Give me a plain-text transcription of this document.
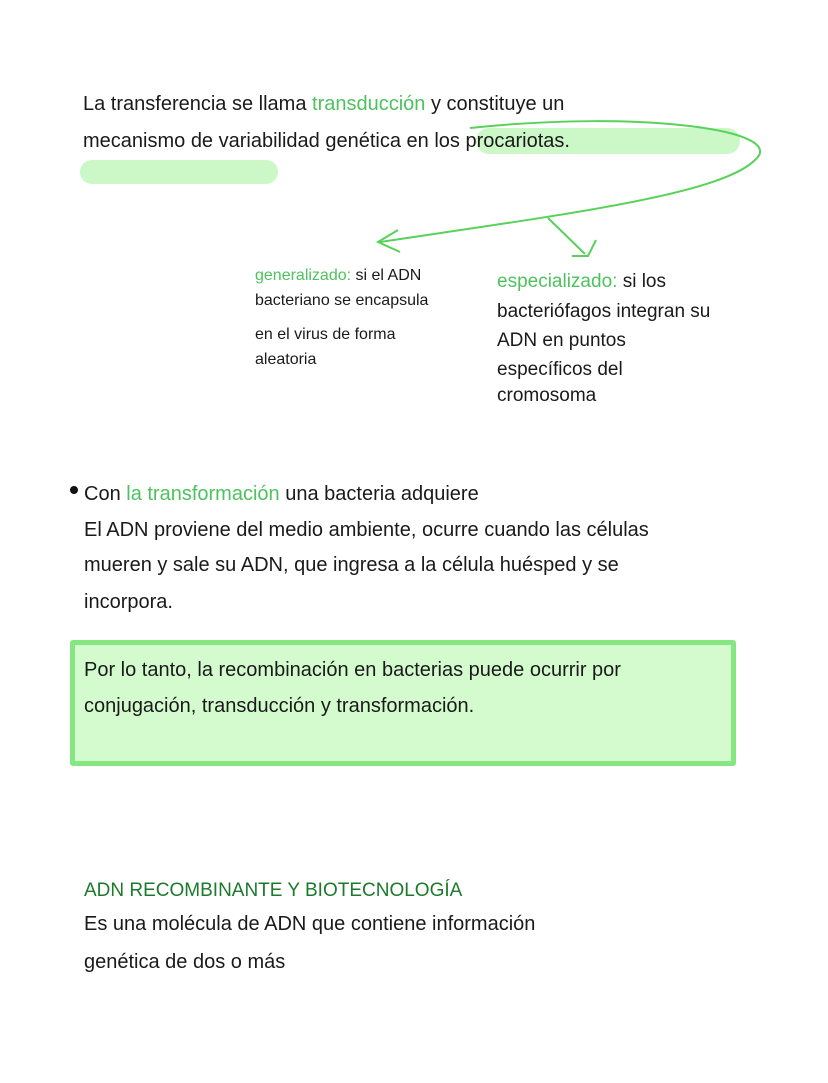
La transferencia se llama transducción y constituye un
mecanismo de variabilidad genética en los procariotas.
generalizado: si el ADN
bacteriano se encapsula
en el virus de forma
aleatoria
especializado: si los
bacteriófagos integran su
ADN en puntos
específicos del
cromosoma
Con la transformación una bacteria adquiere
El ADN proviene del medio ambiente, ocurre cuando las células
mueren y sale su ADN, que ingresa a la célula huésped y se
incorpora.
Por lo tanto, la recombinación en bacterias puede ocurrir por
conjugación, transducción y transformación.
ADN RECOMBINANTE Y BIOTECNOLOGÍA
Es una molécula de ADN que contiene información
genética de dos o más
